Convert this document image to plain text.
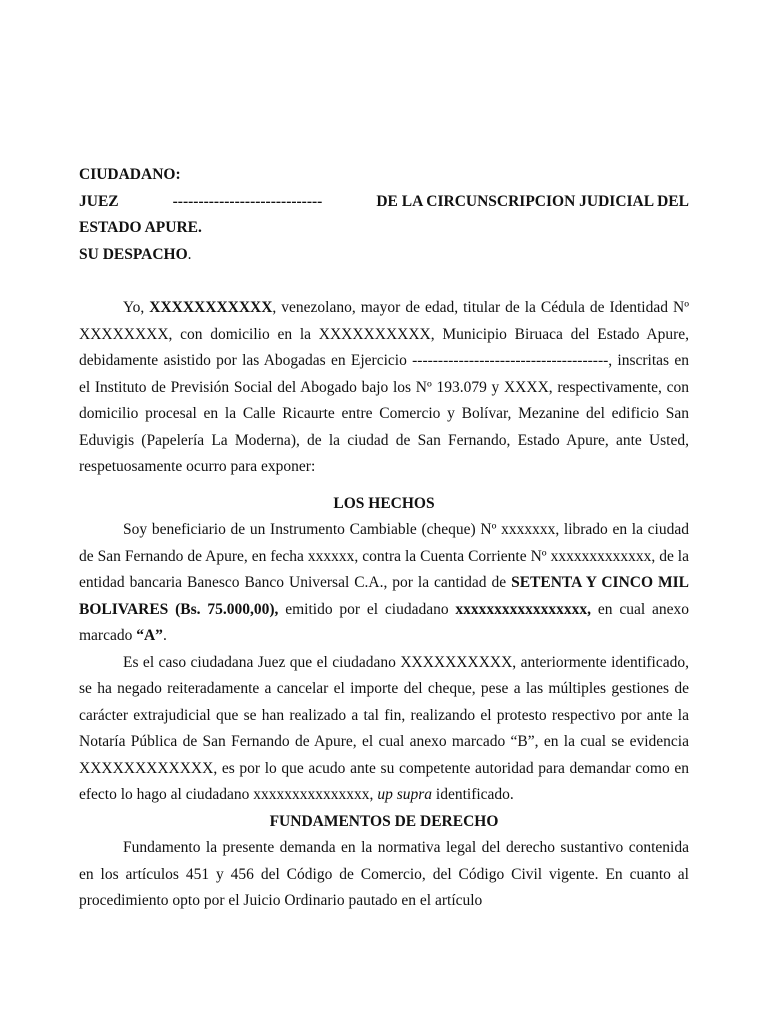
CIUDADANO:
JUEZ	-----------------------------	DE LA CIRCUNSCRIPCION JUDICIAL DEL
ESTADO APURE.
SU DESPACHO.

Yo, XXXXXXXXXXX, venezolano, mayor de edad, titular de la Cédula de Identidad Nº XXXXXXXX, con domicilio en la XXXXXXXXXX, Municipio Biruaca del Estado Apure, debidamente asistido por las Abogadas en Ejercicio --------------------------------------, inscritas en el Instituto de Previsión Social del Abogado bajo los Nº 193.079 y XXXX, respectivamente, con domicilio procesal en la Calle Ricaurte entre Comercio y Bolívar, Mezanine del edificio San Eduvigis (Papelería La Moderna), de la ciudad de San Fernando, Estado Apure, ante Usted, respetuosamente ocurro para exponer:

LOS HECHOS

Soy beneficiario de un Instrumento Cambiable (cheque) Nº xxxxxxx, librado en la ciudad de San Fernando de Apure, en fecha xxxxxx, contra la Cuenta Corriente Nº xxxxxxxxxxxxx, de la entidad bancaria Banesco Banco Universal C.A., por la cantidad de SETENTA Y CINCO MIL BOLIVARES (Bs. 75.000,00), emitido por el ciudadano xxxxxxxxxxxxxxxxx, en cual anexo marcado “A”.

Es el caso ciudadana Juez que el ciudadano XXXXXXXXXX, anteriormente identificado, se ha negado reiteradamente a cancelar el importe del cheque, pese a las múltiples gestiones de carácter extrajudicial que se han realizado a tal fin, realizando el protesto respectivo por ante la Notaría Pública de San Fernando de Apure, el cual anexo marcado “B”, en la cual se evidencia XXXXXXXXXXXX, es por lo que acudo ante su competente autoridad para demandar como en efecto lo hago al ciudadano xxxxxxxxxxxxxxx, up supra identificado.

FUNDAMENTOS DE DERECHO

Fundamento la presente demanda en la normativa legal del derecho sustantivo contenida en los artículos 451 y 456 del Código de Comercio, del Código Civil vigente. En cuanto al procedimiento opto por el Juicio Ordinario pautado en el artículo
